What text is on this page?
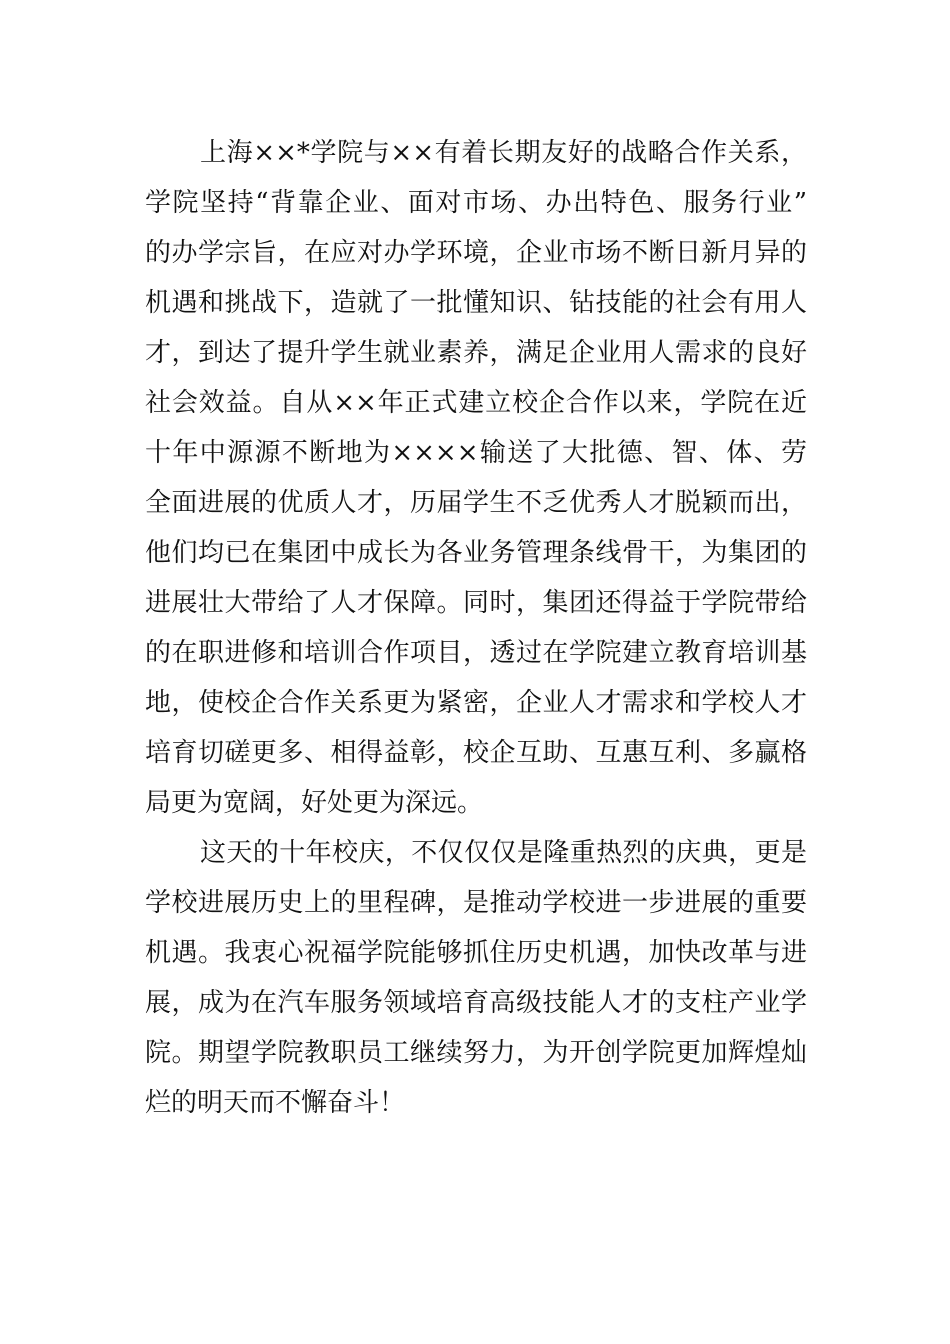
上海××*学院与××有着长期友好的战略合作关系，
学院坚持“背靠企业、面对市场、办出特色、服务行业”
的办学宗旨，在应对办学环境，企业市场不断日新月异的
机遇和挑战下，造就了一批懂知识、钻技能的社会有用人
才，到达了提升学生就业素养，满足企业用人需求的良好
社会效益。自从××年正式建立校企合作以来，学院在近
十年中源源不断地为××××输送了大批德、智、体、劳
全面进展的优质人才，历届学生不乏优秀人才脱颖而出，
他们均已在集团中成长为各业务管理条线骨干，为集团的
进展壮大带给了人才保障。同时，集团还得益于学院带给
的在职进修和培训合作项目，透过在学院建立教育培训基
地，使校企合作关系更为紧密，企业人才需求和学校人才
培育切磋更多、相得益彰，校企互助、互惠互利、多赢格
局更为宽阔，好处更为深远。
这天的十年校庆，不仅仅仅是隆重热烈的庆典，更是
学校进展历史上的里程碑，是推动学校进一步进展的重要
机遇。我衷心祝福学院能够抓住历史机遇，加快改革与进
展，成为在汽车服务领域培育高级技能人才的支柱产业学
院。期望学院教职员工继续努力，为开创学院更加辉煌灿
烂的明天而不懈奋斗！
